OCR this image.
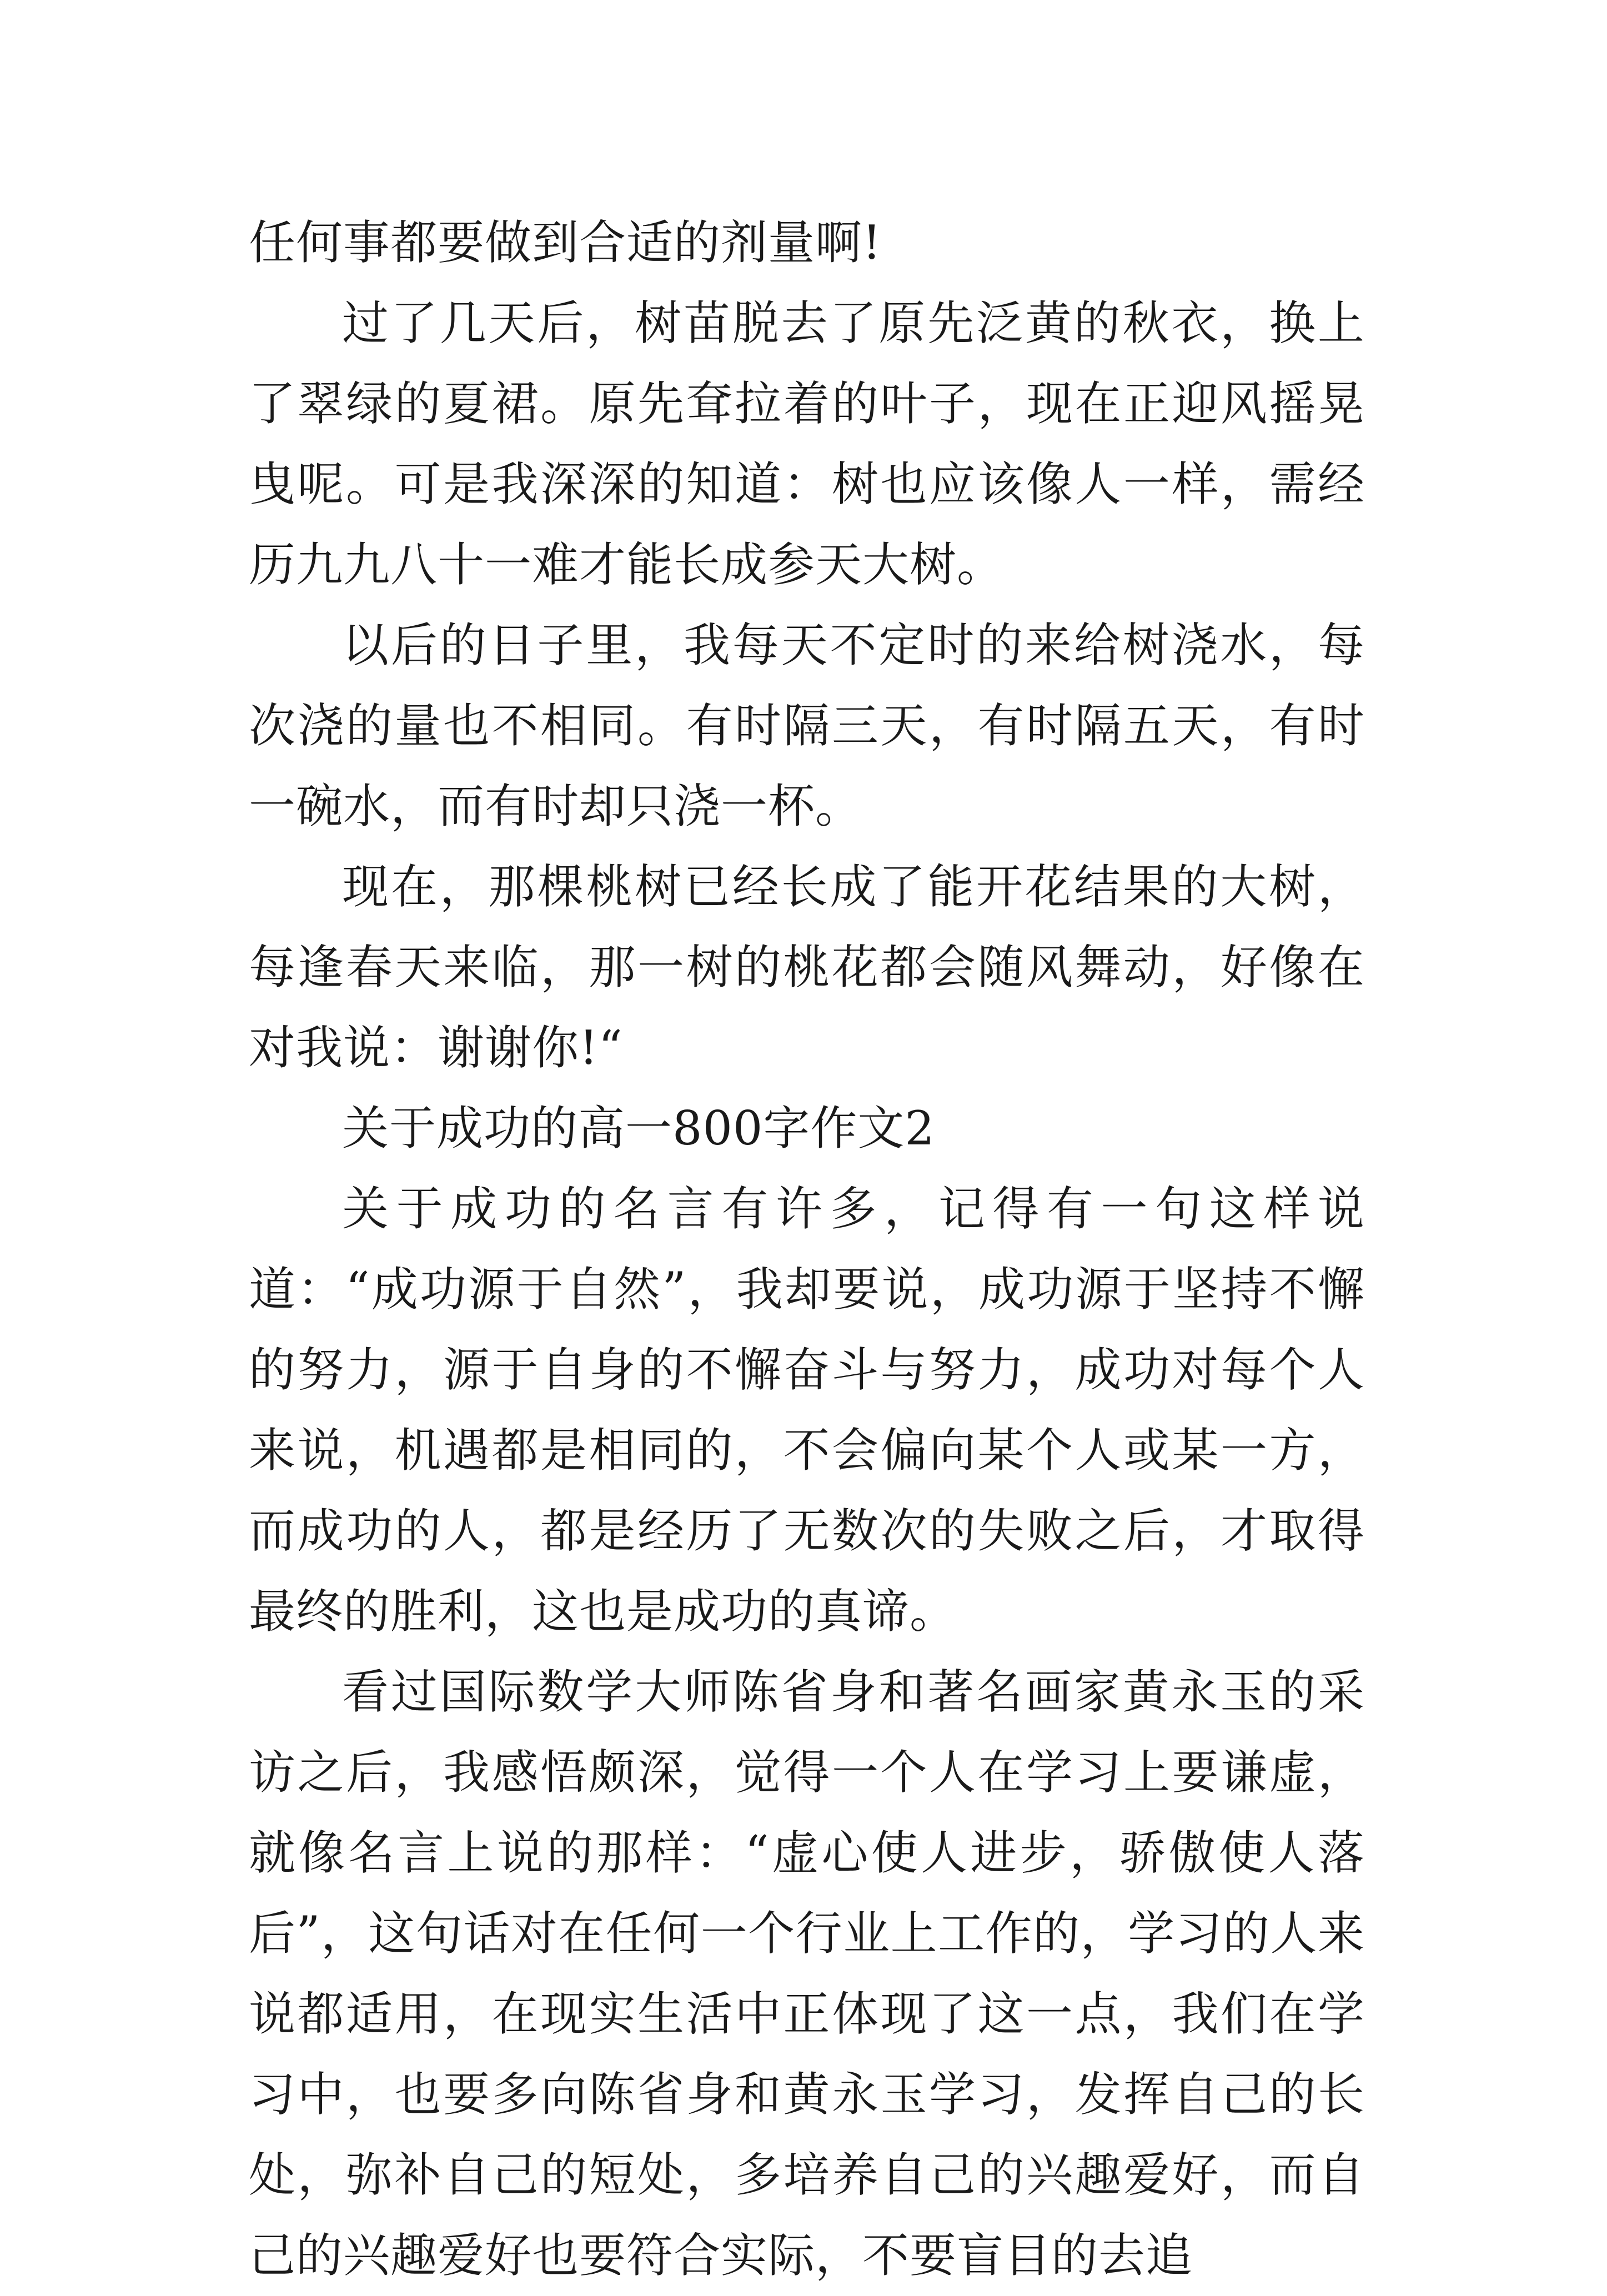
任何事都要做到合适的剂量啊!

过了几天后，树苗脱去了原先泛黄的秋衣，换上了翠绿的夏裙。原先耷拉着的叶子，现在正迎风摇晃曳呢。可是我深深的知道：树也应该像人一样，需经历九九八十一难才能长成参天大树。

以后的日子里，我每天不定时的来给树浇水，每次浇的量也不相同。有时隔三天，有时隔五天，有时一碗水，而有时却只浇一杯。

现在，那棵桃树已经长成了能开花结果的大树，每逢春天来临，那一树的桃花都会随风舞动，好像在对我说：谢谢你!“

关于成功的高一800字作文2

关于成功的名言有许多，记得有一句这样说道：“成功源于自然”，我却要说，成功源于坚持不懈的努力，源于自身的不懈奋斗与努力，成功对每个人来说，机遇都是相同的，不会偏向某个人或某一方，而成功的人，都是经历了无数次的失败之后，才取得最终的胜利，这也是成功的真谛。

看过国际数学大师陈省身和著名画家黄永玉的采访之后，我感悟颇深，觉得一个人在学习上要谦虚，就像名言上说的那样：“虚心使人进步，骄傲使人落后”，这句话对在任何一个行业上工作的，学习的人来说都适用，在现实生活中正体现了这一点，我们在学习中，也要多向陈省身和黄永玉学习，发挥自己的长处，弥补自己的短处，多培养自己的兴趣爱好，而自己的兴趣爱好也要符合实际，不要盲目的去追
